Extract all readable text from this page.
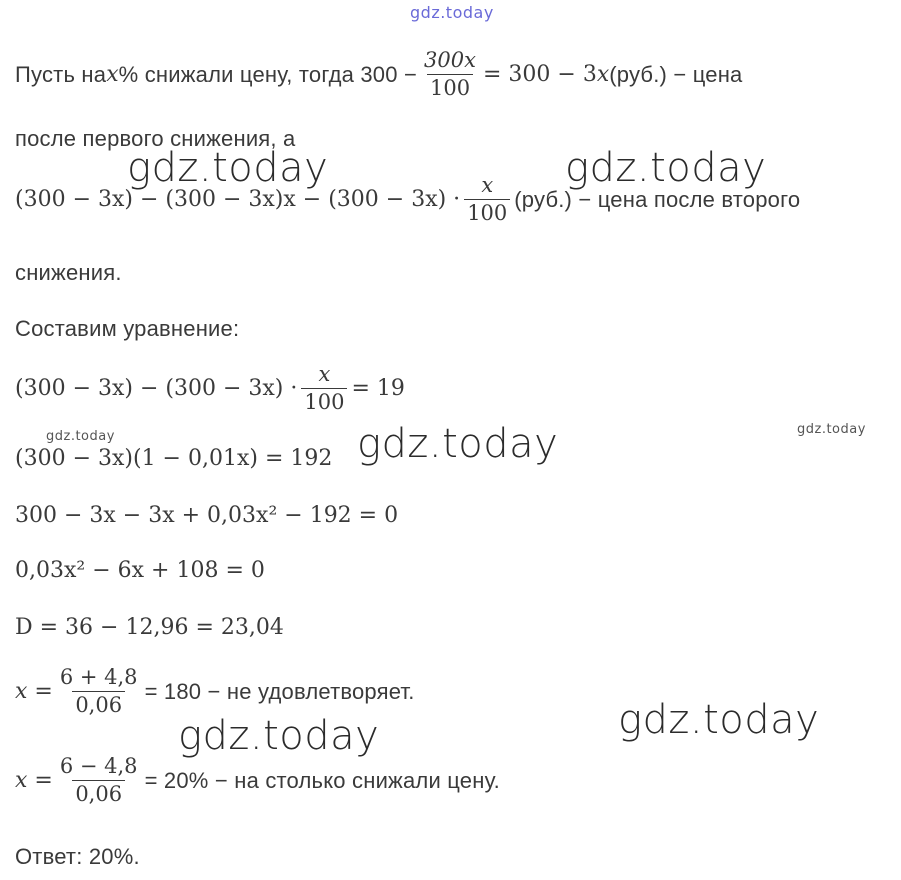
gdz.today
gdz.today	gdz.today
gdz.today
gdz.today
gdz.today
gdz.today	gdz.today
Пусть на x % снижали цену, тогда $300 - \frac{300x}{100} = 300 - 3$ x (руб.) − цена
после первого снижения, а
$(300 - 3x) - (300 - 3x)x - (300 - 3x) \cdot \frac{x}{100} (руб.)$ − цена после второго
снижения.
Составим уравнение:
$(300 - 3x) - (300 - 3x) \cdot \frac{x}{100} = 19$
(300 − 3x)(1 − 0,01x) = 192
300 − 3x − 3x + 0,03x² − 192 = 0
0,03x² − 6x + 108 = 0
D = 36 − 12,96 = 23,04
$x = \frac{6 + 4,8}{0,06} = 180$ − не удовлетворяет.
$x = \frac{6 - 4,8}{0,06} = 20\%$ − на столько снижали цену.
Ответ: 20%.
